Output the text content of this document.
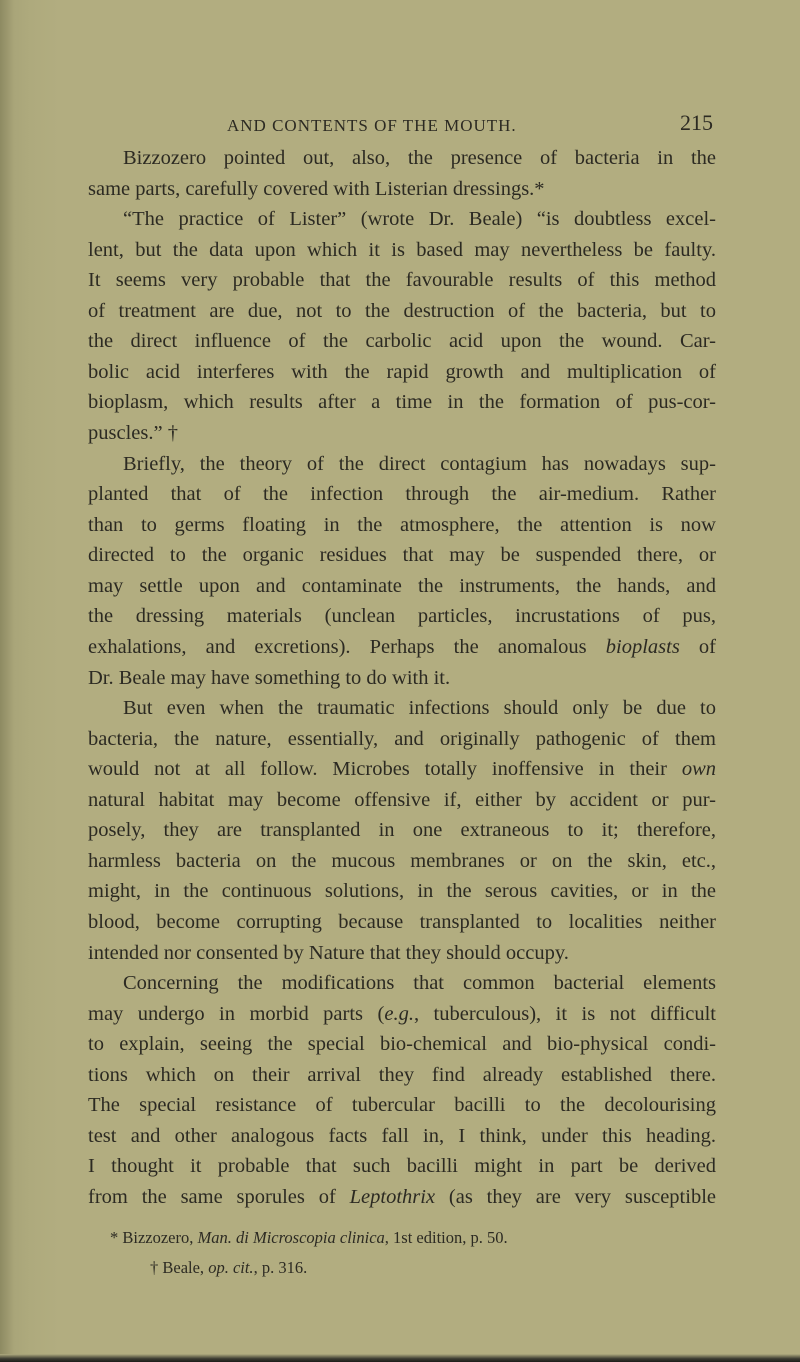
AND CONTENTS OF THE MOUTH.	215
Bizzozero pointed out, also, the presence of bacteria in the
same parts, carefully covered with Listerian dressings.*
“The practice of Lister” (wrote Dr. Beale) “is doubtless excel-
lent, but the data upon which it is based may nevertheless be faulty.
It seems very probable that the favourable results of this method
of treatment are due, not to the destruction of the bacteria, but to
the direct influence of the carbolic acid upon the wound. Car-
bolic acid interferes with the rapid growth and multiplication of
bioplasm, which results after a time in the formation of pus-cor-
puscles.” †
Briefly, the theory of the direct contagium has nowadays sup-
planted that of the infection through the air-medium. Rather
than to germs floating in the atmosphere, the attention is now
directed to the organic residues that may be suspended there, or
may settle upon and contaminate the instruments, the hands, and
the dressing materials (unclean particles, incrustations of pus,
exhalations, and excretions). Perhaps the anomalous bioplasts of
Dr. Beale may have something to do with it.
But even when the traumatic infections should only be due to
bacteria, the nature, essentially, and originally pathogenic of them
would not at all follow. Microbes totally inoffensive in their own
natural habitat may become offensive if, either by accident or pur-
posely, they are transplanted in one extraneous to it; therefore,
harmless bacteria on the mucous membranes or on the skin, etc.,
might, in the continuous solutions, in the serous cavities, or in the
blood, become corrupting because transplanted to localities neither
intended nor consented by Nature that they should occupy.
Concerning the modifications that common bacterial elements
may undergo in morbid parts (e.g., tuberculous), it is not difficult
to explain, seeing the special bio-chemical and bio-physical condi-
tions which on their arrival they find already established there.
The special resistance of tubercular bacilli to the decolourising
test and other analogous facts fall in, I think, under this heading.
I thought it probable that such bacilli might in part be derived
from the same sporules of Leptothrix (as they are very susceptible
* Bizzozero, Man. di Microscopia clinica, 1st edition, p. 50.
† Beale, op. cit., p. 316.
